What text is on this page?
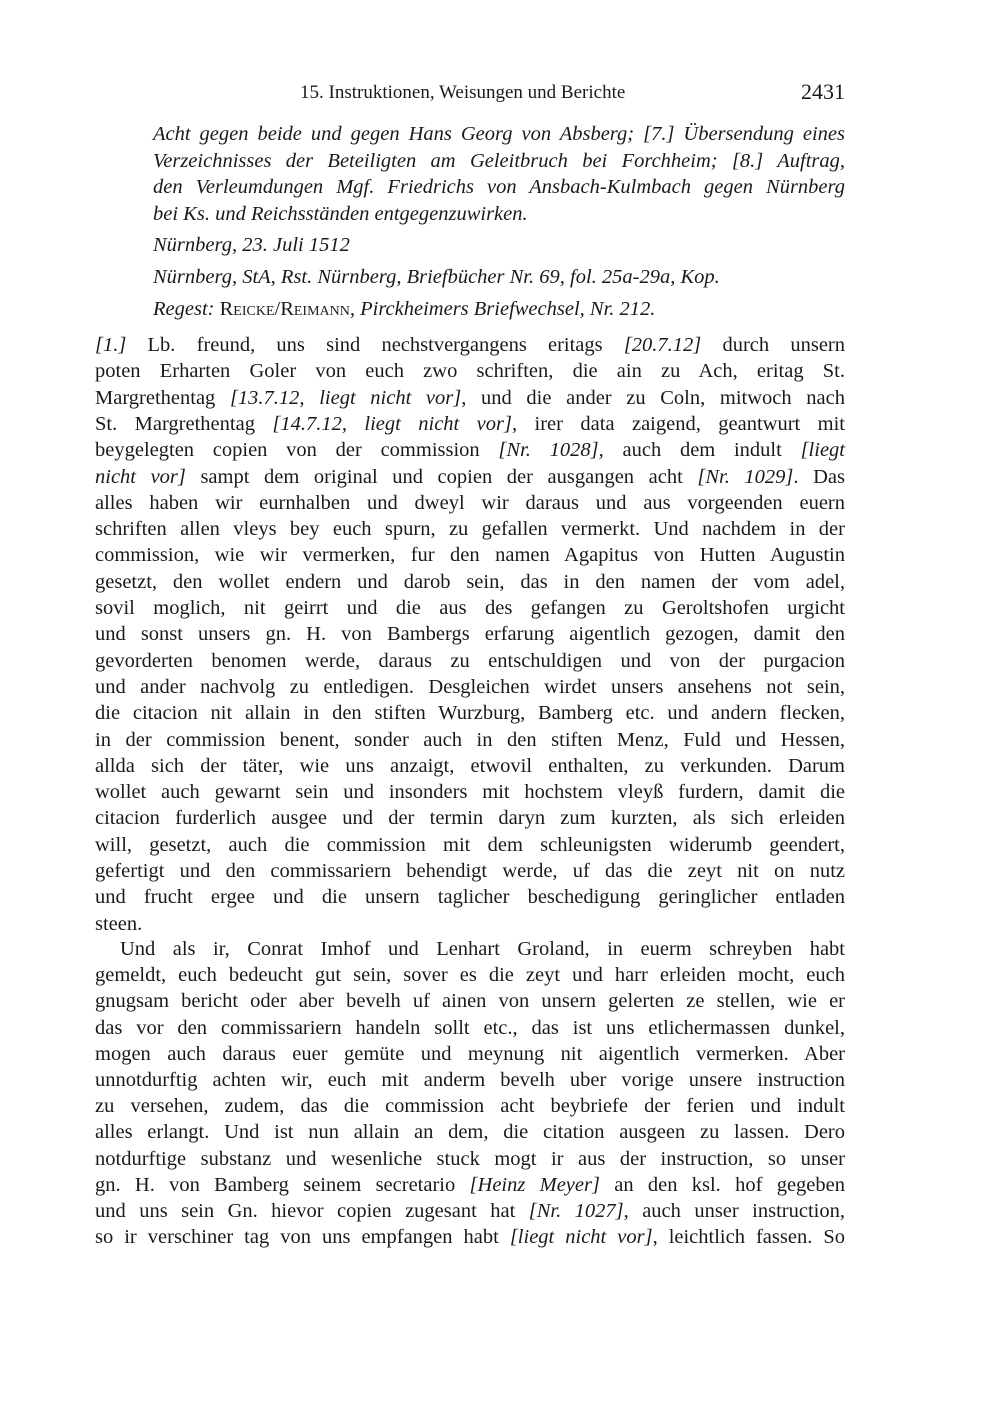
15. Instruktionen, Weisungen und Berichte	2431
Acht gegen beide und gegen Hans Georg von Absberg; [7.] Übersendung eines
Verzeichnisses der Beteiligten am Geleitbruch bei Forchheim; [8.] Auftrag,
den Verleumdungen Mgf. Friedrichs von Ansbach-Kulmbach gegen Nürnberg
bei Ks. und Reichsständen entgegenzuwirken.
Nürnberg, 23. Juli 1512
Nürnberg, StA, Rst. Nürnberg, Briefbücher Nr. 69, fol. 25a-29a, Kop.
Regest: Reicke/Reimann, Pirckheimers Briefwechsel, Nr. 212.
[1.] Lb. freund, uns sind nechstvergangens eritags [20.7.12] durch unsern
poten Erharten Goler von euch zwo schriften, die ain zu Ach, eritag St.
Margrethentag [13.7.12, liegt nicht vor], und die ander zu Coln, mitwoch nach
St. Margrethentag [14.7.12, liegt nicht vor], irer data zaigend, geantwurt mit
beygelegten copien von der commission [Nr. 1028], auch dem indult [liegt
nicht vor] sampt dem original und copien der ausgangen acht [Nr. 1029]. Das
alles haben wir eurnhalben und dweyl wir daraus und aus vorgeenden euern
schriften allen vleys bey euch spurn, zu gefallen vermerkt. Und nachdem in der
commission, wie wir vermerken, fur den namen Agapitus von Hutten Augustin
gesetzt, den wollet endern und darob sein, das in den namen der vom adel,
sovil moglich, nit geirrt und die aus des gefangen zu Geroltshofen urgicht
und sonst unsers gn. H. von Bambergs erfarung aigentlich gezogen, damit den
gevorderten benomen werde, daraus zu entschuldigen und von der purgacion
und ander nachvolg zu entledigen. Desgleichen wirdet unsers ansehens not sein,
die citacion nit allain in den stiften Wurzburg, Bamberg etc. und andern flecken,
in der commission benent, sonder auch in den stiften Menz, Fuld und Hessen,
allda sich der täter, wie uns anzaigt, etwovil enthalten, zu verkunden. Darum
wollet auch gewarnt sein und insonders mit hochstem vleyß furdern, damit die
citacion furderlich ausgee und der termin daryn zum kurzten, als sich erleiden
will, gesetzt, auch die commission mit dem schleunigsten widerumb geendert,
gefertigt und den commissariern behendigt werde, uf das die zeyt nit on nutz
und frucht ergee und die unsern taglicher beschedigung geringlicher entladen
steen.
Und als ir, Conrat Imhof und Lenhart Groland, in euerm schreyben habt
gemeldt, euch bedeucht gut sein, sover es die zeyt und harr erleiden mocht, euch
gnugsam bericht oder aber bevelh uf ainen von unsern gelerten ze stellen, wie er
das vor den commissariern handeln sollt etc., das ist uns etlichermassen dunkel,
mogen auch daraus euer gemüte und meynung nit aigentlich vermerken. Aber
unnotdurftig achten wir, euch mit anderm bevelh uber vorige unsere instruction
zu versehen, zudem, das die commission acht beybriefe der ferien und indult
alles erlangt. Und ist nun allain an dem, die citation ausgeen zu lassen. Dero
notdurftige substanz und wesenliche stuck mogt ir aus der instruction, so unser
gn. H. von Bamberg seinem secretario [Heinz Meyer] an den ksl. hof gegeben
und uns sein Gn. hievor copien zugesant hat [Nr. 1027], auch unser instruction,
so ir verschiner tag von uns empfangen habt [liegt nicht vor], leichtlich fassen. So
